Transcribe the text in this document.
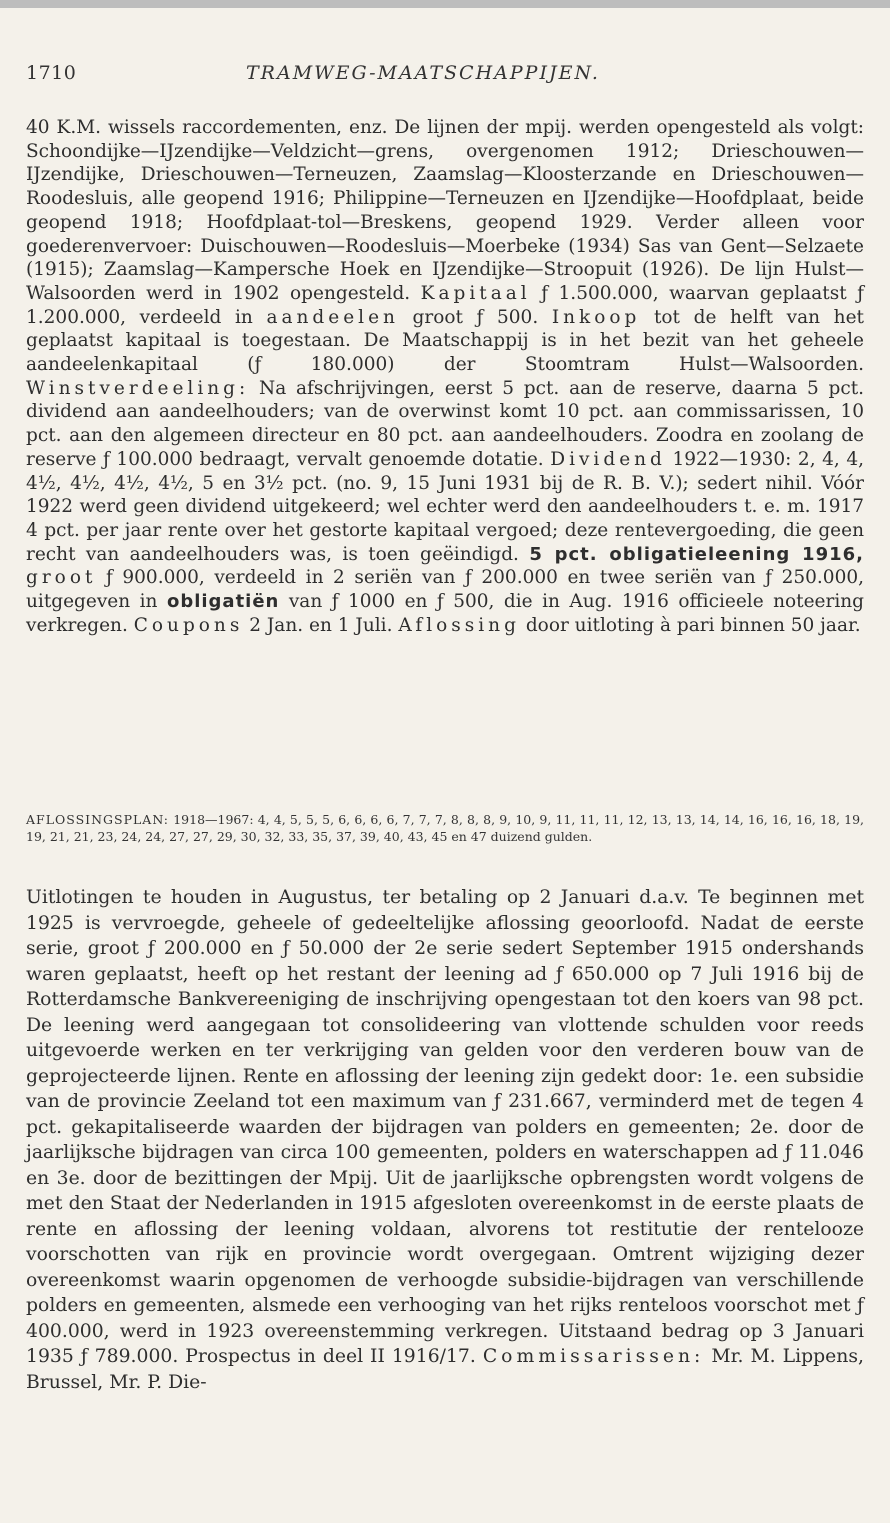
1710	TRAMWEG-MAATSCHAPPIJEN.

40 K.M. wissels raccordementen, enz. De lijnen der mpij. werden opengesteld als volgt: Schoondijke—IJzendijke—Veldzicht—grens, overgenomen 1912; Drieschouwen—IJzendijke, Drieschouwen—Terneuzen, Zaamslag—Kloosterzande en Drieschouwen—Roodesluis, alle geopend 1916; Philippine—Terneuzen en IJzendijke—Hoofdplaat, beide geopend 1918; Hoofdplaat-tol—Breskens, geopend 1929. Verder alleen voor goederenvervoer: Duischouwen—Roodesluis—Moerbeke (1934) Sas van Gent—Selzaete (1915); Zaamslag—Kampersche Hoek en IJzendijke—Stroopuit (1926). De lijn Hulst—Walsoorden werd in 1902 opengesteld. Kapitaal ƒ 1.500.000, waarvan geplaatst ƒ 1.200.000, verdeeld in aandeelen groot ƒ 500. Inkoop tot de helft van het geplaatst kapitaal is toegestaan. De Maatschappij is in het bezit van het geheele aandeelenkapitaal (ƒ 180.000) der Stoomtram Hulst—Walsoorden. Winstverdeeling: Na afschrijvingen, eerst 5 pct. aan de reserve, daarna 5 pct. dividend aan aandeelhouders; van de overwinst komt 10 pct. aan commissarissen, 10 pct. aan den algemeen directeur en 80 pct. aan aandeelhouders. Zoodra en zoolang de reserve ƒ 100.000 bedraagt, vervalt genoemde dotatie. Dividend 1922—1930: 2, 4, 4, 4½, 4½, 4½, 4½, 5 en 3½ pct. (no. 9, 15 Juni 1931 bij de R. B. V.); sedert nihil. Vóór 1922 werd geen dividend uitgekeerd; wel echter werd den aandeelhouders t. e. m. 1917 4 pct. per jaar rente over het gestorte kapitaal vergoed; deze rentevergoeding, die geen recht van aandeelhouders was, is toen geëindigd. 5 pct. obligatieleening 1916, groot ƒ 900.000, verdeeld in 2 seriën van ƒ 200.000 en twee seriën van ƒ 250.000, uitgegeven in obligatiën van ƒ 1000 en ƒ 500, die in Aug. 1916 officieele noteering verkregen. Coupons 2 Jan. en 1 Juli. Aflossing door uitloting à pari binnen 50 jaar.

AFLOSSINGSPLAN: 1918—1967: 4, 4, 5, 5, 5, 6, 6, 6, 6, 7, 7, 7, 8, 8, 8, 9, 10, 9, 11, 11, 11, 12, 13, 13, 14, 14, 16, 16, 16, 18, 19, 19, 21, 21, 23, 24, 24, 27, 27, 29, 30, 32, 33, 35, 37, 39, 40, 43, 45 en 47 duizend gulden.

Uitlotingen te houden in Augustus, ter betaling op 2 Januari d.a.v. Te beginnen met 1925 is vervroegde, geheele of gedeeltelijke aflossing geoorloofd. Nadat de eerste serie, groot ƒ 200.000 en ƒ 50.000 der 2e serie sedert September 1915 ondershands waren geplaatst, heeft op het restant der leening ad ƒ 650.000 op 7 Juli 1916 bij de Rotterdamsche Bankvereeniging de inschrijving opengestaan tot den koers van 98 pct. De leening werd aangegaan tot consolideering van vlottende schulden voor reeds uitgevoerde werken en ter verkrijging van gelden voor den verderen bouw van de geprojecteerde lijnen. Rente en aflossing der leening zijn gedekt door: 1e. een subsidie van de provincie Zeeland tot een maximum van ƒ 231.667, verminderd met de tegen 4 pct. gekapitaliseerde waarden der bijdragen van polders en gemeenten; 2e. door de jaarlijksche bijdragen van circa 100 gemeenten, polders en waterschappen ad ƒ 11.046 en 3e. door de bezittingen der Mpij. Uit de jaarlijksche opbrengsten wordt volgens de met den Staat der Nederlanden in 1915 afgesloten overeenkomst in de eerste plaats de rente en aflossing der leening voldaan, alvorens tot restitutie der rentelooze voorschotten van rijk en provincie wordt overgegaan. Omtrent wijziging dezer overeenkomst waarin opgenomen de verhoogde subsidie-bijdragen van verschillende polders en gemeenten, alsmede een verhooging van het rijks renteloos voorschot met ƒ 400.000, werd in 1923 overeenstemming verkregen. Uitstaand bedrag op 3 Januari 1935 ƒ 789.000. Prospectus in deel II 1916/17. Commissarissen: Mr. M. Lippens, Brussel, Mr. P. Die-
